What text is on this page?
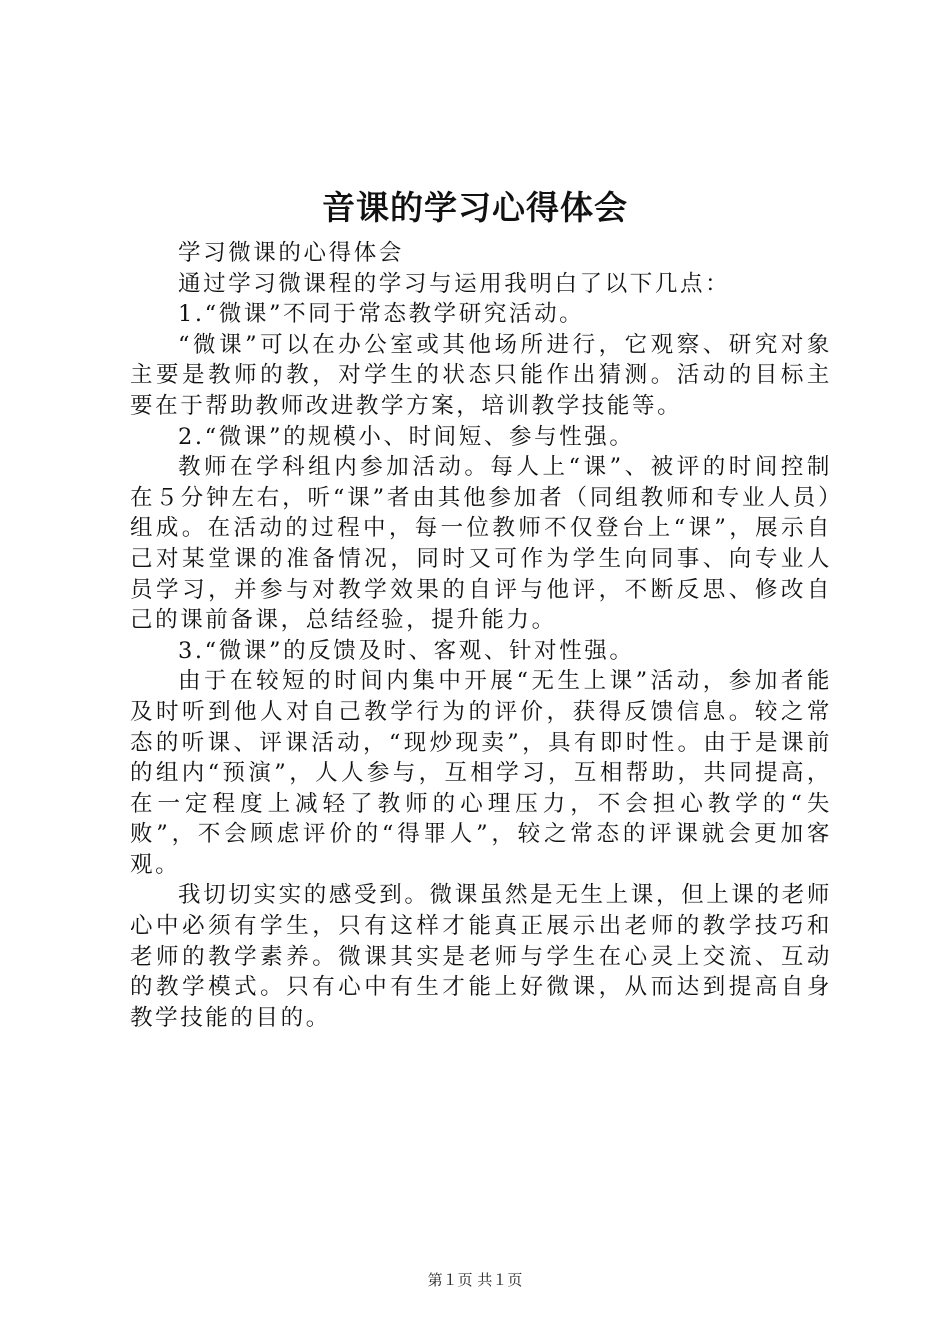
音课的学习心得体会

学习微课的心得体会

通过学习微课程的学习与运用我明白了以下几点：

1.“微课”不同于常态教学研究活动。

“微课”可以在办公室或其他场所进行，它观察、研究对象主要是教师的教，对学生的状态只能作出猜测。活动的目标主要在于帮助教师改进教学方案，培训教学技能等。

2.“微课”的规模小、时间短、参与性强。

教师在学科组内参加活动。每人上“课”、被评的时间控制在５分钟左右，听“课”者由其他参加者（同组教师和专业人员）组成。在活动的过程中，每一位教师不仅登台上“课”，展示自己对某堂课的准备情况，同时又可作为学生向同事、向专业人员学习，并参与对教学效果的自评与他评，不断反思、修改自己的课前备课，总结经验，提升能力。

3.“微课”的反馈及时、客观、针对性强。

由于在较短的时间内集中开展“无生上课”活动，参加者能及时听到他人对自己教学行为的评价，获得反馈信息。较之常态的听课、评课活动，“现炒现卖”，具有即时性。由于是课前的组内“预演”，人人参与，互相学习，互相帮助，共同提高，在一定程度上减轻了教师的心理压力，不会担心教学的“失败”，不会顾虑评价的“得罪人”，较之常态的评课就会更加客观。

我切切实实的感受到。微课虽然是无生上课，但上课的老师心中必须有学生，只有这样才能真正展示出老师的教学技巧和老师的教学素养。微课其实是老师与学生在心灵上交流、互动的教学模式。只有心中有生才能上好微课，从而达到提高自身教学技能的目的。

第１页 共１页
